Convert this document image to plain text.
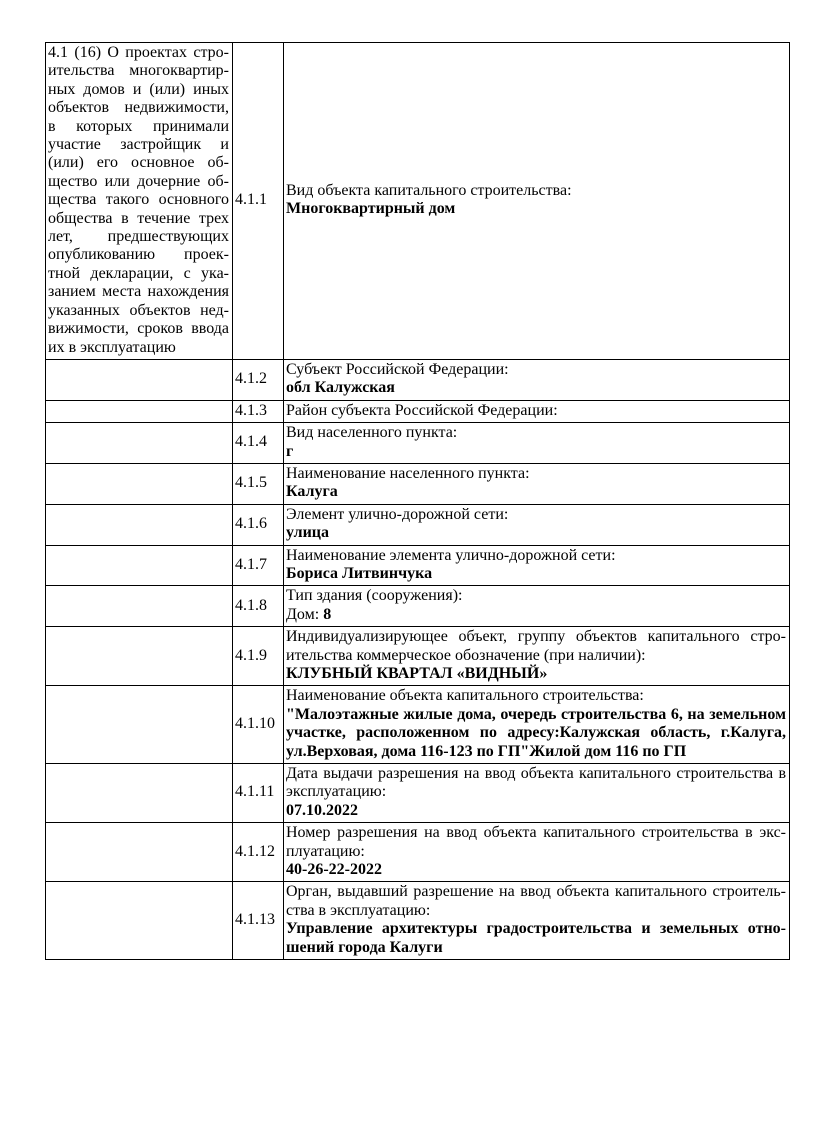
4.1 (16) О проектах строительства многоквартирных домов и (или) иных объектов недвижимости, в которых принимали участие застройщик и (или) его основное общество или дочерние общества такого основного общества в течение трех лет, предшествующих опубликованию проектной декларации, с указанием места нахождения указанных объектов недвижимости, сроков ввода их в эксплуатацию	4.1.1	Вид объекта капитального строительства:
Многоквартирный дом

	4.1.2	Субъект Российской Федерации:
обл Калужская

	4.1.3	Район субъекта Российской Федерации:

	4.1.4	Вид населенного пункта:
г

	4.1.5	Наименование населенного пункта:
Калуга

	4.1.6	Элемент улично-дорожной сети:
улица

	4.1.7	Наименование элемента улично-дорожной сети:
Бориса Литвинчука

	4.1.8	Тип здания (сооружения):
Дом: 8

	4.1.9	Индивидуализирующее объект, группу объектов капитального строительства коммерческое обозначение (при наличии):
КЛУБНЫЙ КВАРТАЛ «ВИДНЫЙ»

	4.1.10	Наименование объекта капитального строительства:
"Малоэтажные жилые дома, очередь строительства 6, на земельном участке, расположенном по адресу:Калужская область, г.Калуга, ул.Верховая, дома 116-123 по ГП"Жилой дом 116 по ГП

	4.1.11	Дата выдачи разрешения на ввод объекта капитального строительства в эксплуатацию:
07.10.2022

	4.1.12	Номер разрешения на ввод объекта капитального строительства в эксплуатацию:
40-26-22-2022

	4.1.13	Орган, выдавший разрешение на ввод объекта капитального строительства в эксплуатацию:
Управление архитектуры градостроительства и земельных отношений города Калуги
